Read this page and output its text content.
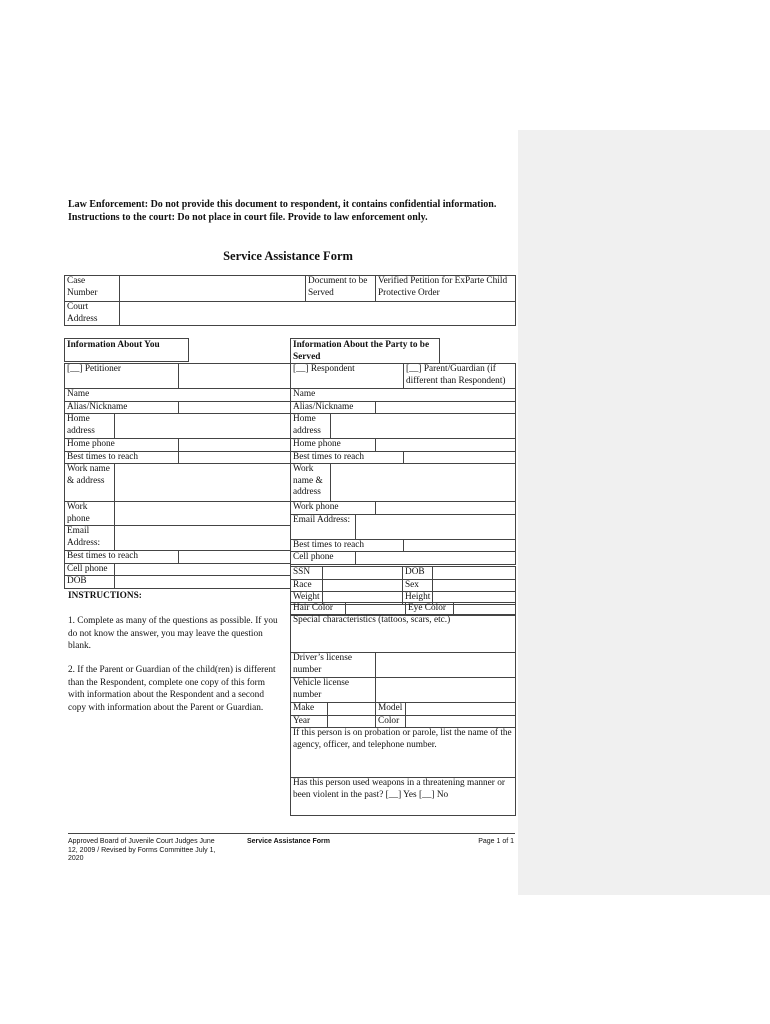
Law Enforcement: Do not provide this document to respondent, it contains confidential information.
Instructions to the court: Do not place in court file. Provide to law enforcement only.
Service Assistance Form
Case Number		Document to be Served	Verified Petition for ExParte Child Protective Order
Court Address			
Information About You	Information About the Party to be Served
[__] Petitioner		
Name		
Alias/Nickname		
Home address		
Home phone		
Best times to reach		
Work name & address		
Work phone		
Email Address:		
Best times to reach		
Cell phone		
DOB		
[__] Respondent				[__] Parent/Guardian (if different than Respondent)
Name				
Alias/Nickname				
Home address				
Home phone				
Best times to reach				
Work name & address				
Work phone				
Email Address:				
Best times to reach				
Cell phone				
SSN		DOB	
Race		Sex	
Weight		Height	
Hair Color		Eye Color	
Special characteristics (tattoos, scars, etc.)			
Driver’s license number			
Vehicle license number			
Make		Model	
Year		Color	
If this person is on probation or parole, list the name of the agency, officer, and telephone number.			
Has this person used weapons in a threatening manner or been violent in the past? [__] Yes [__] No			
INSTRUCTIONS:
1. Complete as many of the questions as possible. If you do not know the answer, you may leave the question blank.
2. If the Parent or Guardian of the child(ren) is different than the Respondent, complete one copy of this form with information about the Respondent and a second copy with information about the Parent or Guardian.
Approved Board of Juvenile Court Judges June 12, 2009 / Revised by Forms Committee July 1, 2020
Service Assistance Form	Page 1 of 1
